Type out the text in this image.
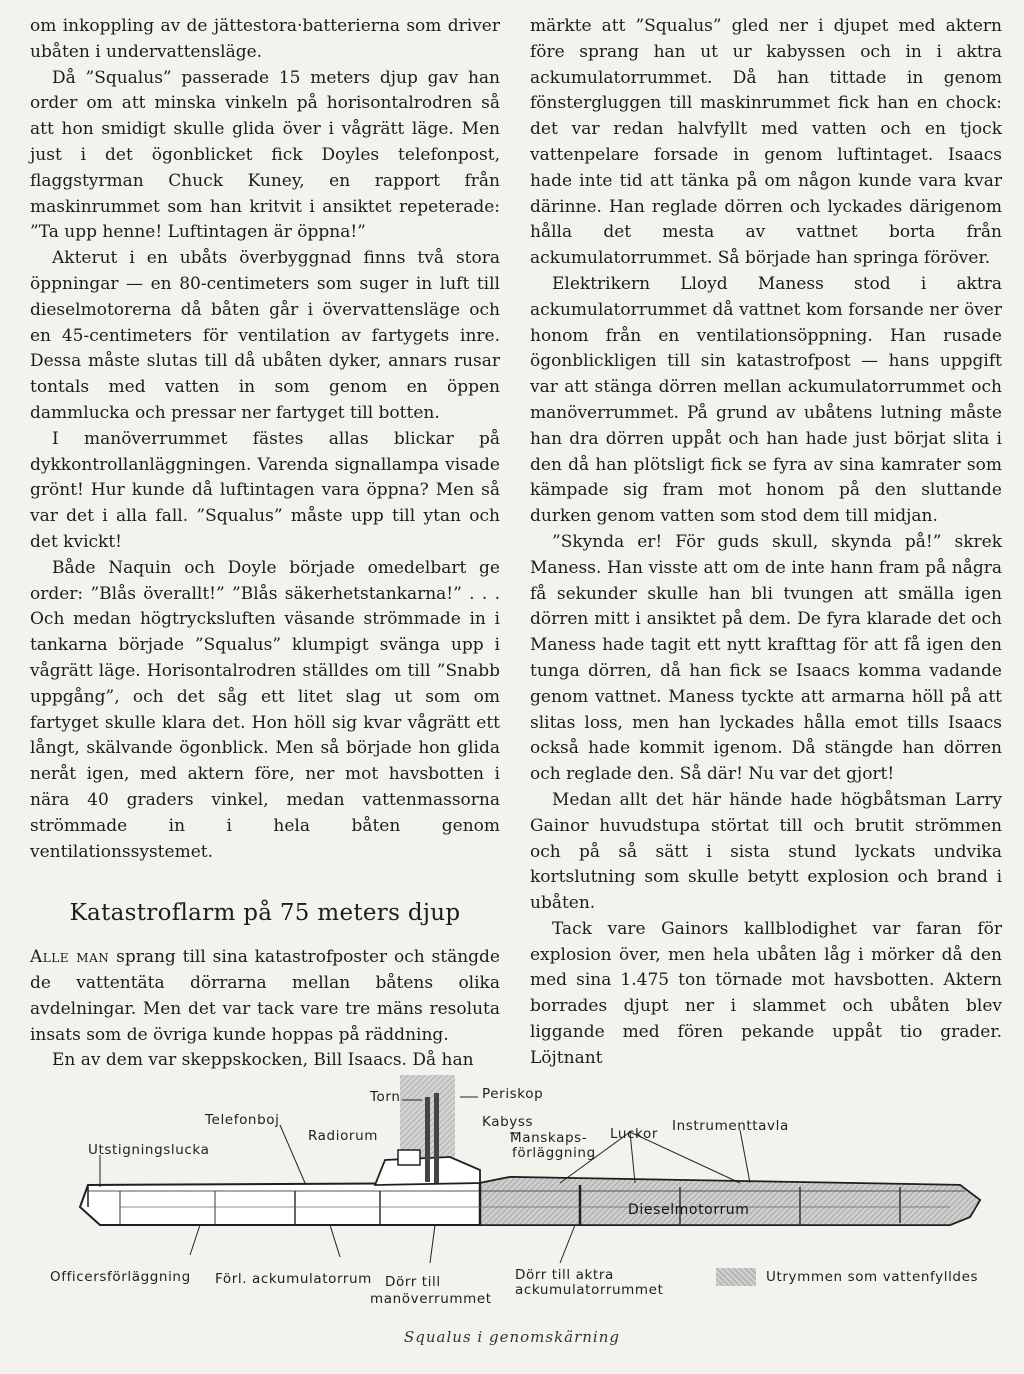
om inkoppling av de jättestora·batterierna som driver ubåten i undervattensläge.

Då ”Squalus” passerade 15 meters djup gav han order om att minska vinkeln på horisontalrodren så att hon smidigt skulle glida över i vågrätt läge. Men just i det ögonblicket fick Doyles telefonpost, flaggstyrman Chuck Kuney, en rapport från maskinrummet som han kritvit i ansiktet repeterade: ”Ta upp henne! Luftintagen är öppna!”

Akterut i en ubåts överbyggnad finns två stora öppningar — en 80-centimeters som suger in luft till dieselmotorerna då båten går i övervattensläge och en 45-centimeters för ventilation av fartygets inre. Dessa måste slutas till då ubåten dyker, annars rusar tontals med vatten in som genom en öppen dammlucka och pressar ner fartyget till botten.

I manöverrummet fästes allas blickar på dykkontrollanläggningen. Varenda signallampa visade grönt! Hur kunde då luftintagen vara öppna? Men så var det i alla fall. ”Squalus” måste upp till ytan och det kvickt!

Både Naquin och Doyle började omedelbart ge order: ”Blås överallt!” ”Blås säkerhetstankarna!” . . . Och medan högtrycksluften väsande strömmade in i tankarna började ”Squalus” klumpigt svänga upp i vågrätt läge. Horisontalrodren ställdes om till ”Snabb uppgång”, och det såg ett litet slag ut som om fartyget skulle klara det. Hon höll sig kvar vågrätt ett långt, skälvande ögonblick. Men så började hon glida neråt igen, med aktern före, ner mot havsbotten i nära 40 graders vinkel, medan vattenmassorna strömmade in i hela båten genom ventilationssystemet.

Katastroflarm på 75 meters djup

Alle man sprang till sina katastrofposter och stängde de vattentäta dörrarna mellan båtens olika avdelningar. Men det var tack vare tre mäns resoluta insats som de övriga kunde hoppas på räddning.

En av dem var skeppskocken, Bill Isaacs. Då han

märkte att ”Squalus” gled ner i djupet med aktern före sprang han ut ur kabyssen och in i aktra ackumulatorrummet. Då han tittade in genom fönstergluggen till maskinrummet fick han en chock: det var redan halvfyllt med vatten och en tjock vattenpelare forsade in genom luftintaget. Isaacs hade inte tid att tänka på om någon kunde vara kvar därinne. Han reglade dörren och lyckades därigenom hålla det mesta av vattnet borta från ackumulatorrummet. Så började han springa föröver.

Elektrikern Lloyd Maness stod i aktra ackumulatorrummet då vattnet kom forsande ner över honom från en ventilationsöppning. Han rusade ögonblickligen till sin katastrofpost — hans uppgift var att stänga dörren mellan ackumulatorrummet och manöverrummet. På grund av ubåtens lutning måste han dra dörren uppåt och han hade just börjat slita i den då han plötsligt fick se fyra av sina kamrater som kämpade sig fram mot honom på den sluttande durken genom vatten som stod dem till midjan.

”Skynda er! För guds skull, skynda på!” skrek Maness. Han visste att om de inte hann fram på några få sekunder skulle han bli tvungen att smälla igen dörren mitt i ansiktet på dem. De fyra klarade det och Maness hade tagit ett nytt krafttag för att få igen den tunga dörren, då han fick se Isaacs komma vadande genom vattnet. Maness tyckte att armarna höll på att slitas loss, men han lyckades hålla emot tills Isaacs också hade kommit igenom. Då stängde han dörren och reglade den. Så där! Nu var det gjort!

Medan allt det här hände hade högbåtsman Larry Gainor huvudstupa störtat till och brutit strömmen och på så sätt i sista stund lyckats undvika kortslutning som skulle betytt explosion och brand i ubåten.

Tack vare Gainors kallblodighet var faran för explosion över, men hela ubåten låg i mörker då den med sina 1.475 ton törnade mot havsbotten. Aktern borrades djupt ner i slammet och ubåten blev liggande med fören pekande uppåt tio grader. Löjtnant

Torn	Periskop
Telefonboj	Kabyss
Radiorum	Manskaps-
förläggning
Luckor Instrumenttavla
Utstigningslucka
Dieselmotorrum
Officersförläggning Förl. ackumulatorrum Dörr till
manöverrummet
Dörr till aktra
ackumulatorrummet
Utrymmen som vattenfylldes
Squalus i genomskärning
